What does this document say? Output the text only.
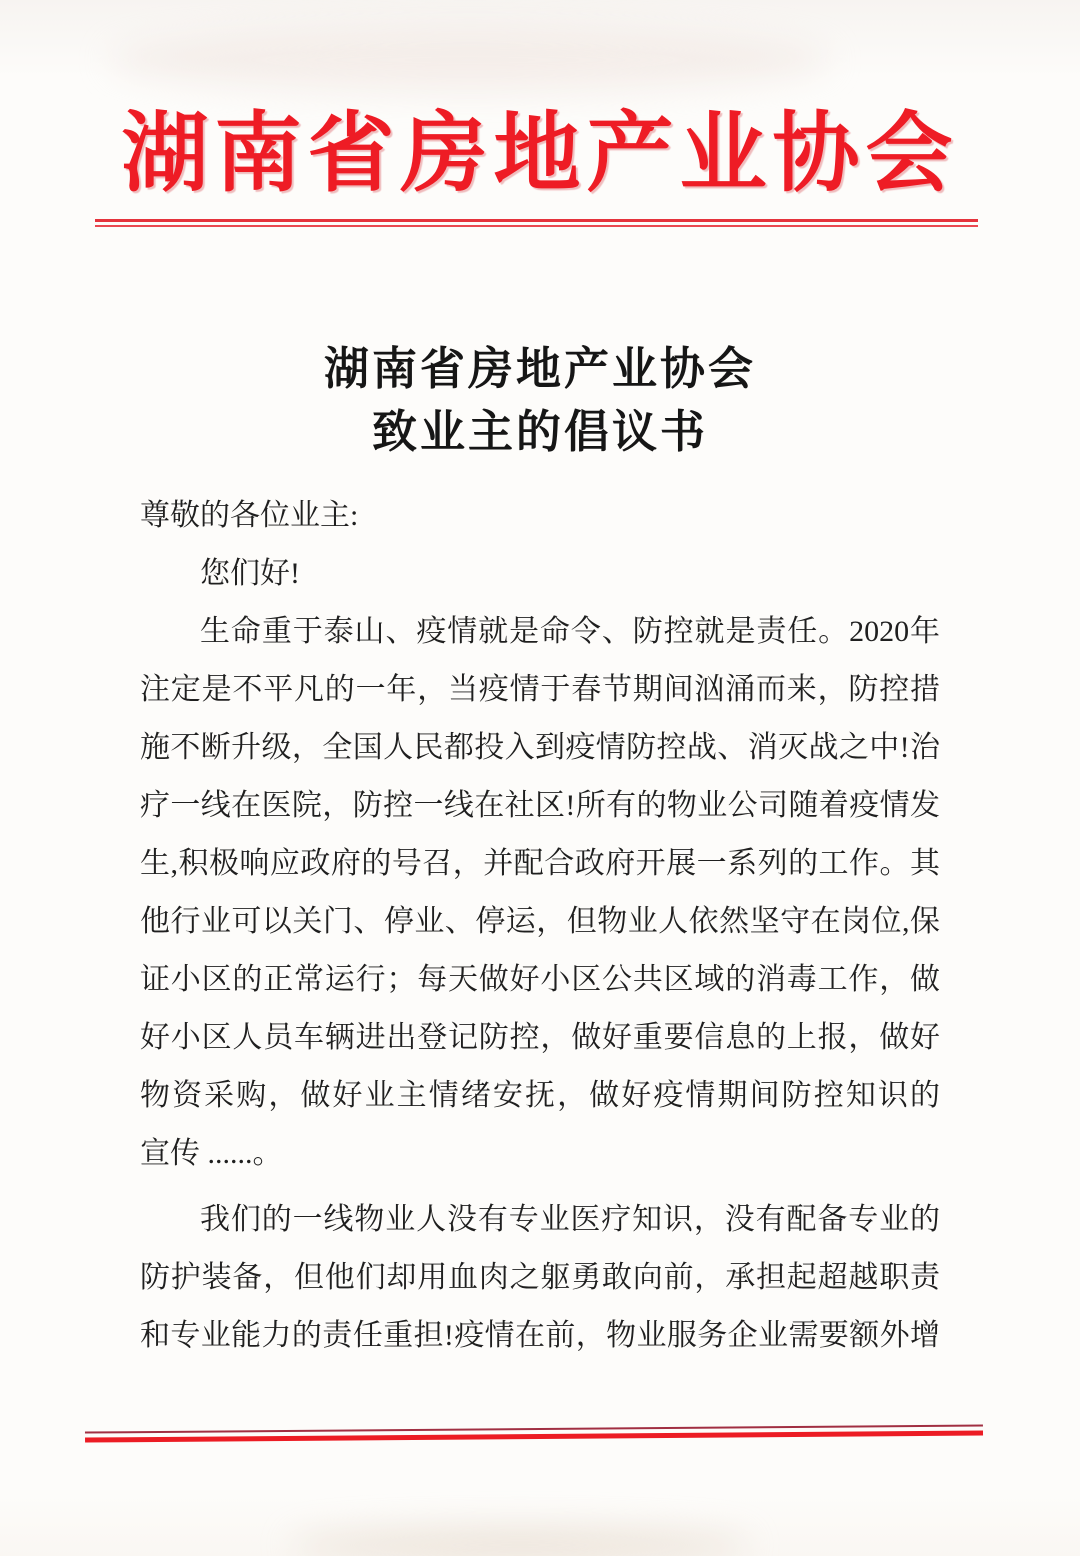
湖南省房地产业协会
湖南省房地产业协会
致业主的倡议书
尊敬的各位业主:
您们好!
生命重于泰山、疫情就是命令、防控就是责任。2020年
注定是不平凡的一年，当疫情于春节期间汹涌而来，防控措
施不断升级，全国人民都投入到疫情防控战、消灭战之中!治
疗一线在医院，防控一线在社区!所有的物业公司随着疫情发
生,积极响应政府的号召，并配合政府开展一系列的工作。其
他行业可以关门、停业、停运，但物业人依然坚守在岗位,保
证小区的正常运行；每天做好小区公共区域的消毒工作，做
好小区人员车辆进出登记防控，做好重要信息的上报，做好
物资采购，做好业主情绪安抚，做好疫情期间防控知识的
宣传 ......。
我们的一线物业人没有专业医疗知识，没有配备专业的
防护装备，但他们却用血肉之躯勇敢向前，承担起超越职责
和专业能力的责任重担!疫情在前，物业服务企业需要额外增
